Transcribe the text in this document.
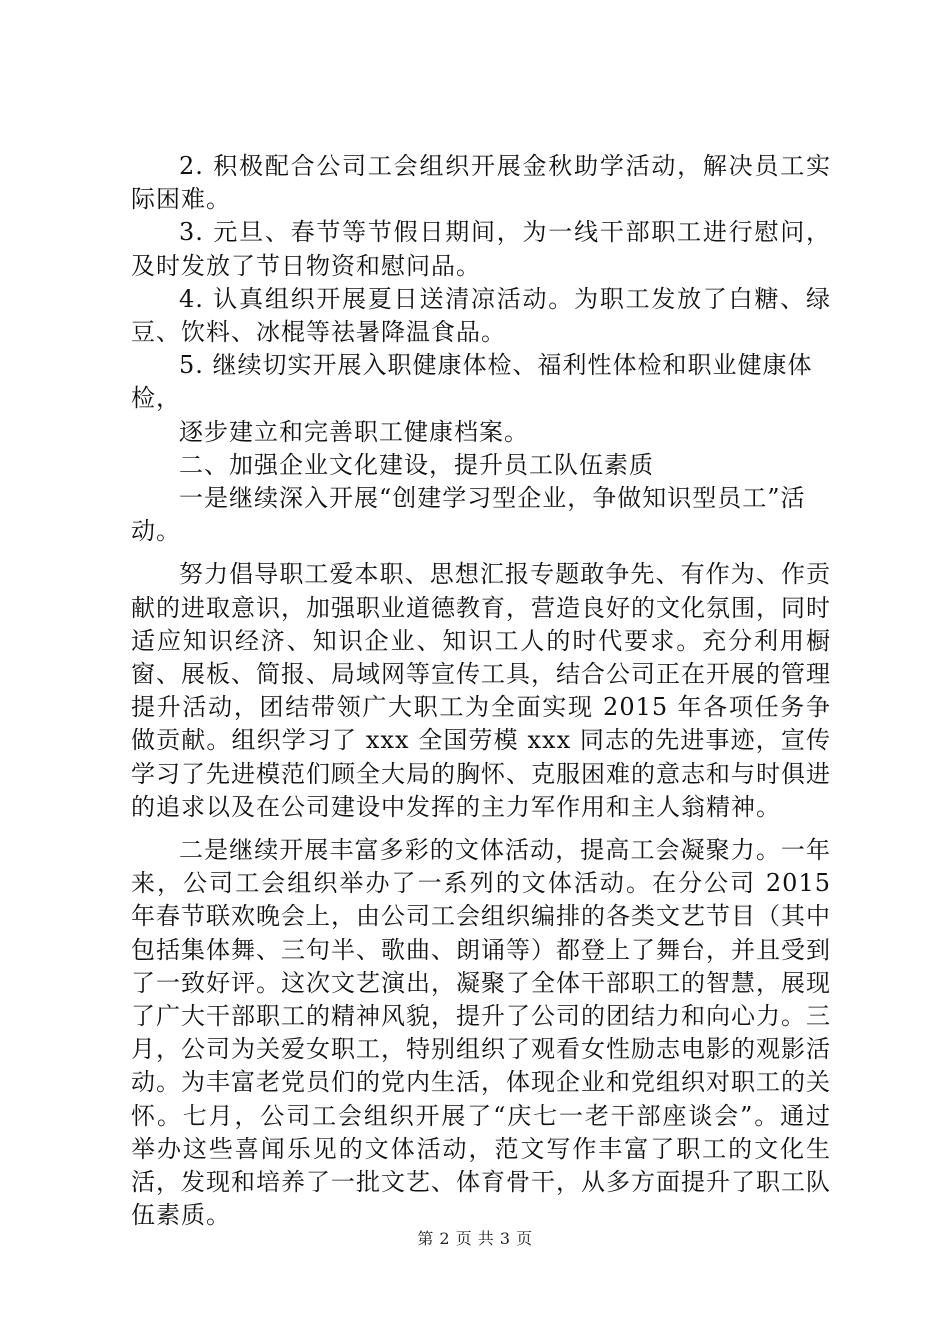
2. 积极配合公司工会组织开展金秋助学活动，解决员工实际困难。

3. 元旦、春节等节假日期间，为一线干部职工进行慰问，及时发放了节日物资和慰问品。

4. 认真组织开展夏日送清凉活动。为职工发放了白糖、绿豆、饮料、冰棍等祛暑降温食品。

5. 继续切实开展入职健康体检、福利性体检和职业健康体检，

逐步建立和完善职工健康档案。

二、加强企业文化建设，提升员工队伍素质

一是继续深入开展“创建学习型企业，争做知识型员工”活动。

努力倡导职工爱本职、思想汇报专题敢争先、有作为、作贡献的进取意识，加强职业道德教育，营造良好的文化氛围，同时适应知识经济、知识企业、知识工人的时代要求。充分利用橱窗、展板、简报、局域网等宣传工具，结合公司正在开展的管理提升活动，团结带领广大职工为全面实现 2015 年各项任务争做贡献。组织学习了 xxx 全国劳模 xxx 同志的先进事迹，宣传学习了先进模范们顾全大局的胸怀、克服困难的意志和与时俱进的追求以及在公司建设中发挥的主力军作用和主人翁精神。

二是继续开展丰富多彩的文体活动，提高工会凝聚力。一年来，公司工会组织举办了一系列的文体活动。在分公司 2015 年春节联欢晚会上，由公司工会组织编排的各类文艺节目（其中包括集体舞、三句半、歌曲、朗诵等）都登上了舞台，并且受到了一致好评。这次文艺演出，凝聚了全体干部职工的智慧，展现了广大干部职工的精神风貌，提升了公司的团结力和向心力。三月，公司为关爱女职工，特别组织了观看女性励志电影的观影活动。为丰富老党员们的党内生活，体现企业和党组织对职工的关怀。七月，公司工会组织开展了“庆七一老干部座谈会”。通过举办这些喜闻乐见的文体活动，范文写作丰富了职工的文化生活，发现和培养了一批文艺、体育骨干，从多方面提升了职工队伍素质。

第 2 页 共 3 页
